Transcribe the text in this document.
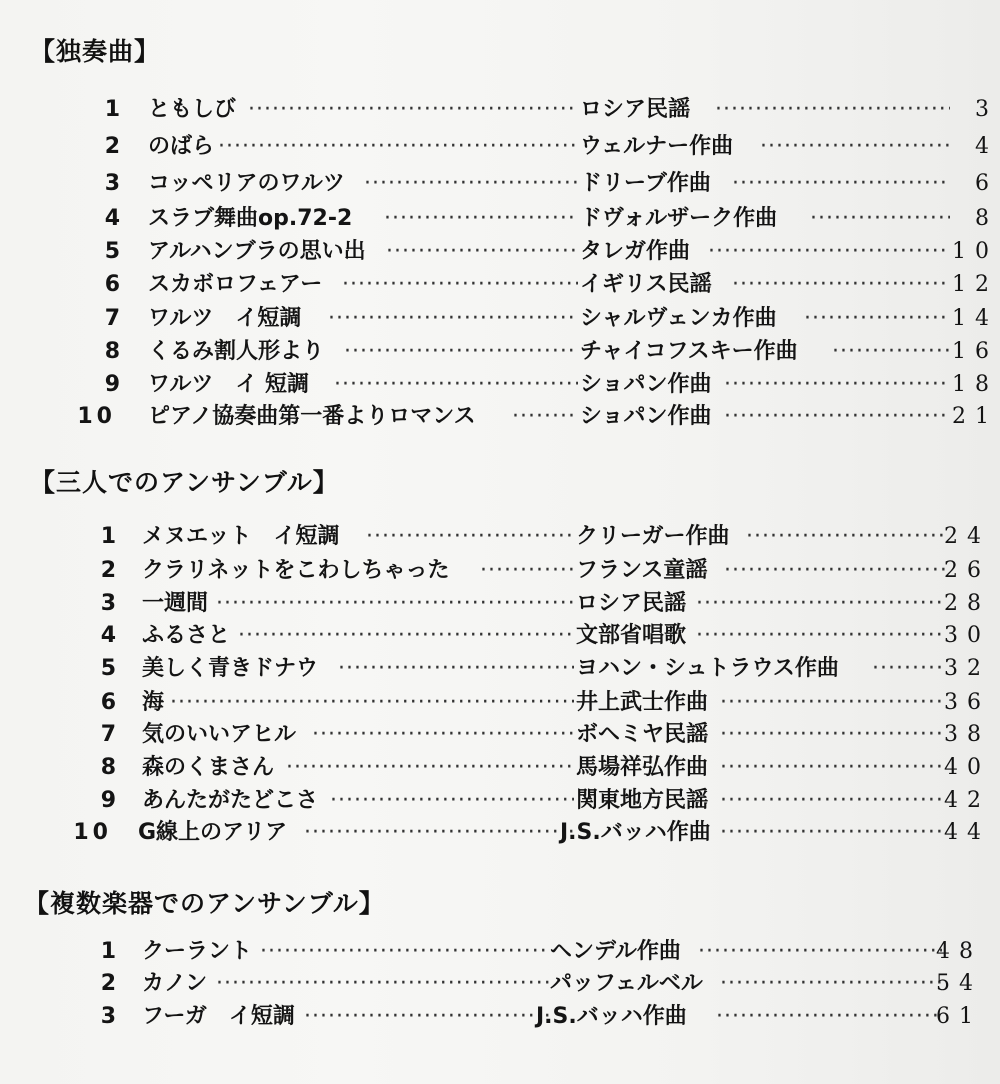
【独奏曲】
1 ともしび ·····	ロシア民謡 ·····	3
2 のばら ·····	ウェルナー作曲 ·····	4
3 コッペリアのワルツ ·····	ドリーブ作曲 ·····	6
4 スラブ舞曲op.72-2 ·····	ドヴォルザーク作曲 ·····	8
5 アルハンブラの思い出 ·····	タレガ作曲 ·····	10
6 スカボロフェアー ·····	イギリス民謡 ·····	12
7 ワルツ　イ短調 ·····	シャルヴェンカ作曲 ·····	14
8 くるみ割人形より ·····	チャイコフスキー作曲 ·····	16
9 ワルツ　イ 短調 ·····	ショパン作曲 ·····	18
10 ピアノ協奏曲第一番よりロマンス ·····	ショパン作曲 ·····	21
【三人でのアンサンブル】
1 メヌエット　イ短調 ·····	クリーガー作曲 ·····	24
2 クラリネットをこわしちゃった ·····	フランス童謡 ·····	26
3 一週間 ·····	ロシア民謡 ·····	28
4 ふるさと ·····	文部省唱歌 ·····	30
5 美しく青きドナウ ·····	ヨハン・シュトラウス作曲 ·····	32
6 海 ·····	井上武士作曲 ·····	36
7 気のいいアヒル ·····	ボヘミヤ民謡 ·····	38
8 森のくまさん ·····	馬場祥弘作曲 ·····	40
9 あんたがたどこさ ·····	関東地方民謡 ·····	42
10 G線上のアリア ·····	J.S.バッハ作曲 ·····	44
【複数楽器でのアンサンブル】
1 クーラント ·····	ヘンデル作曲 ·····	48
2 カノン ·····	パッフェルベル ·····	54
3 フーガ　イ短調 ·····	J.S.バッハ作曲 ·····	61
